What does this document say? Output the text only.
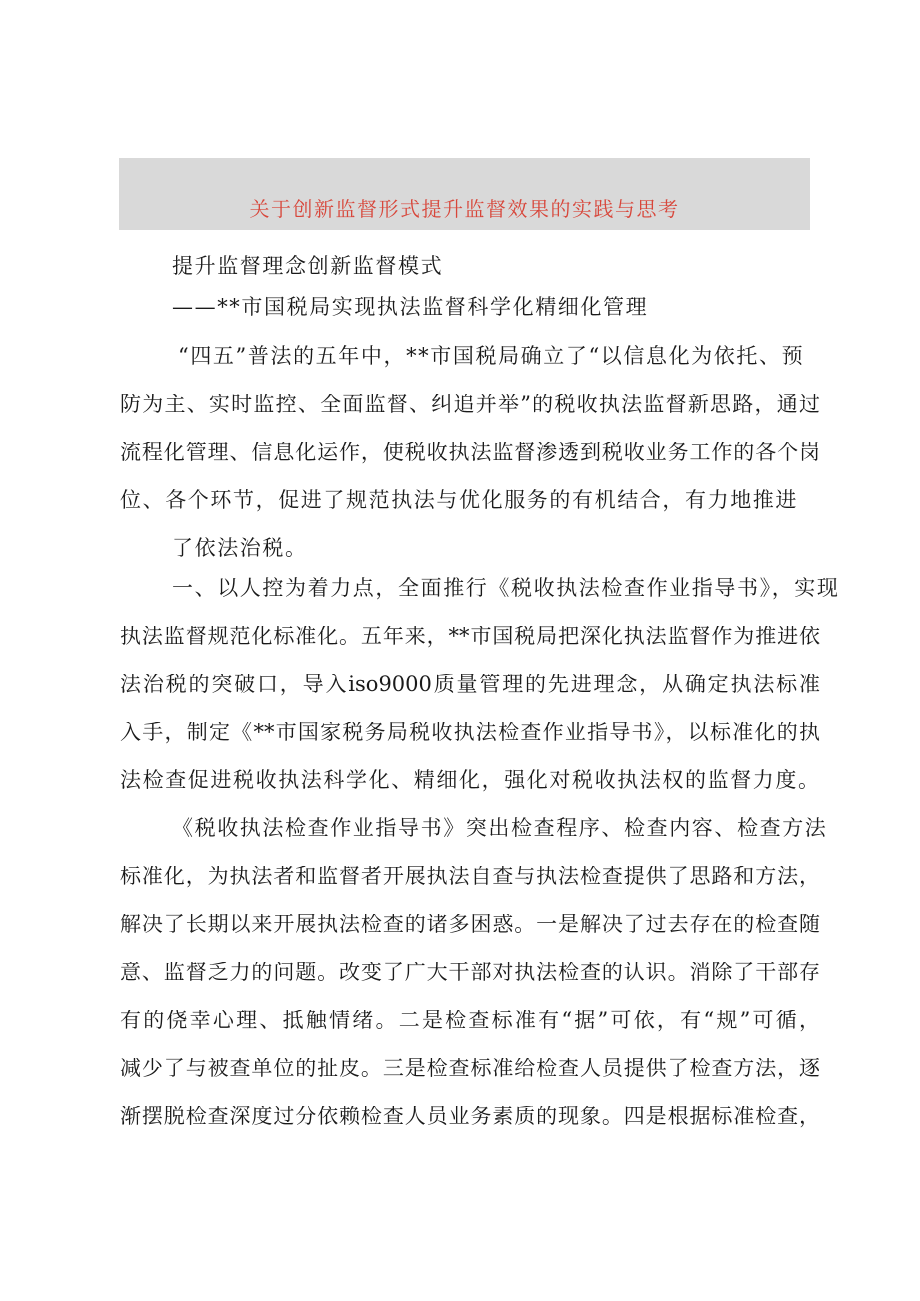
关于创新监督形式提升监督效果的实践与思考
提升监督理念创新监督模式
——**市国税局实现执法监督科学化精细化管理
“四五”普法的五年中，**市国税局确立了“以信息化为依托、预
防为主、实时监控、全面监督、纠追并举”的税收执法监督新思路，通过
流程化管理、信息化运作，使税收执法监督渗透到税收业务工作的各个岗
位、各个环节，促进了规范执法与优化服务的有机结合，有力地推进
了依法治税。
一、以人控为着力点，全面推行《税收执法检查作业指导书》，实现
执法监督规范化标准化。五年来，**市国税局把深化执法监督作为推进依
法治税的突破口，导入iso9000质量管理的先进理念，从确定执法标准
入手，制定《**市国家税务局税收执法检查作业指导书》，以标准化的执
法检查促进税收执法科学化、精细化，强化对税收执法权的监督力度。
《税收执法检查作业指导书》突出检查程序、检查内容、检查方法
标准化，为执法者和监督者开展执法自查与执法检查提供了思路和方法，
解决了长期以来开展执法检查的诸多困惑。一是解决了过去存在的检查随
意、监督乏力的问题。改变了广大干部对执法检查的认识。消除了干部存
有的侥幸心理、抵触情绪。二是检查标准有“据”可依，有“规”可循，
减少了与被查单位的扯皮。三是检查标准给检查人员提供了检查方法，逐
渐摆脱检查深度过分依赖检查人员业务素质的现象。四是根据标准检查，
